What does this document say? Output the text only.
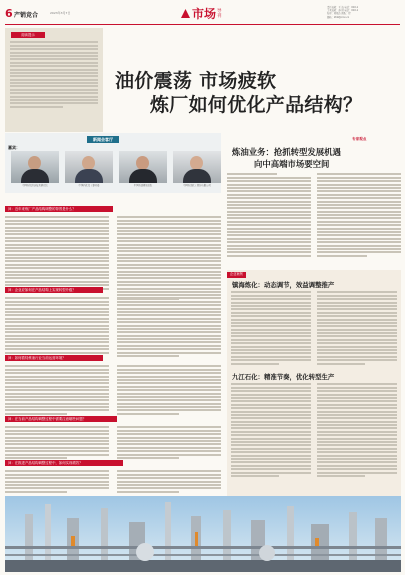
6 产销竞合	2023年3月7日	市场 导刊
责任编辑：王 海 电话：010-1
美术编辑：孙 琪 电话：010-1
校对：刘斌杰 组版：徐
邮箱：ztdz@cinn.cn
阅读提示
油价震荡 市场疲软
炼厂如何优化产品结构？
新闻会客厅
嘉宾：
中国石化经济技术研究院	中国石化化工事业部	中国石油规划总院	中国石油化工股份有限公司
专家观点
炼油业务：抢抓转型发展机遇
向中高端市场要空间
问：近年来炼厂产品结构调整的背景是什么？
问：企业应如何在产品结构上实现转型升级？
问：如何看待炼油行业当前运营环境？
问：在当前产品结构调整过程中需要注意哪些问题？
问：在推进产品结构调整过程中，如何实现增效？
企业案例
镇海炼化：动态调节，效益调整推产
九江石化：精准节奏，优化转型生产
